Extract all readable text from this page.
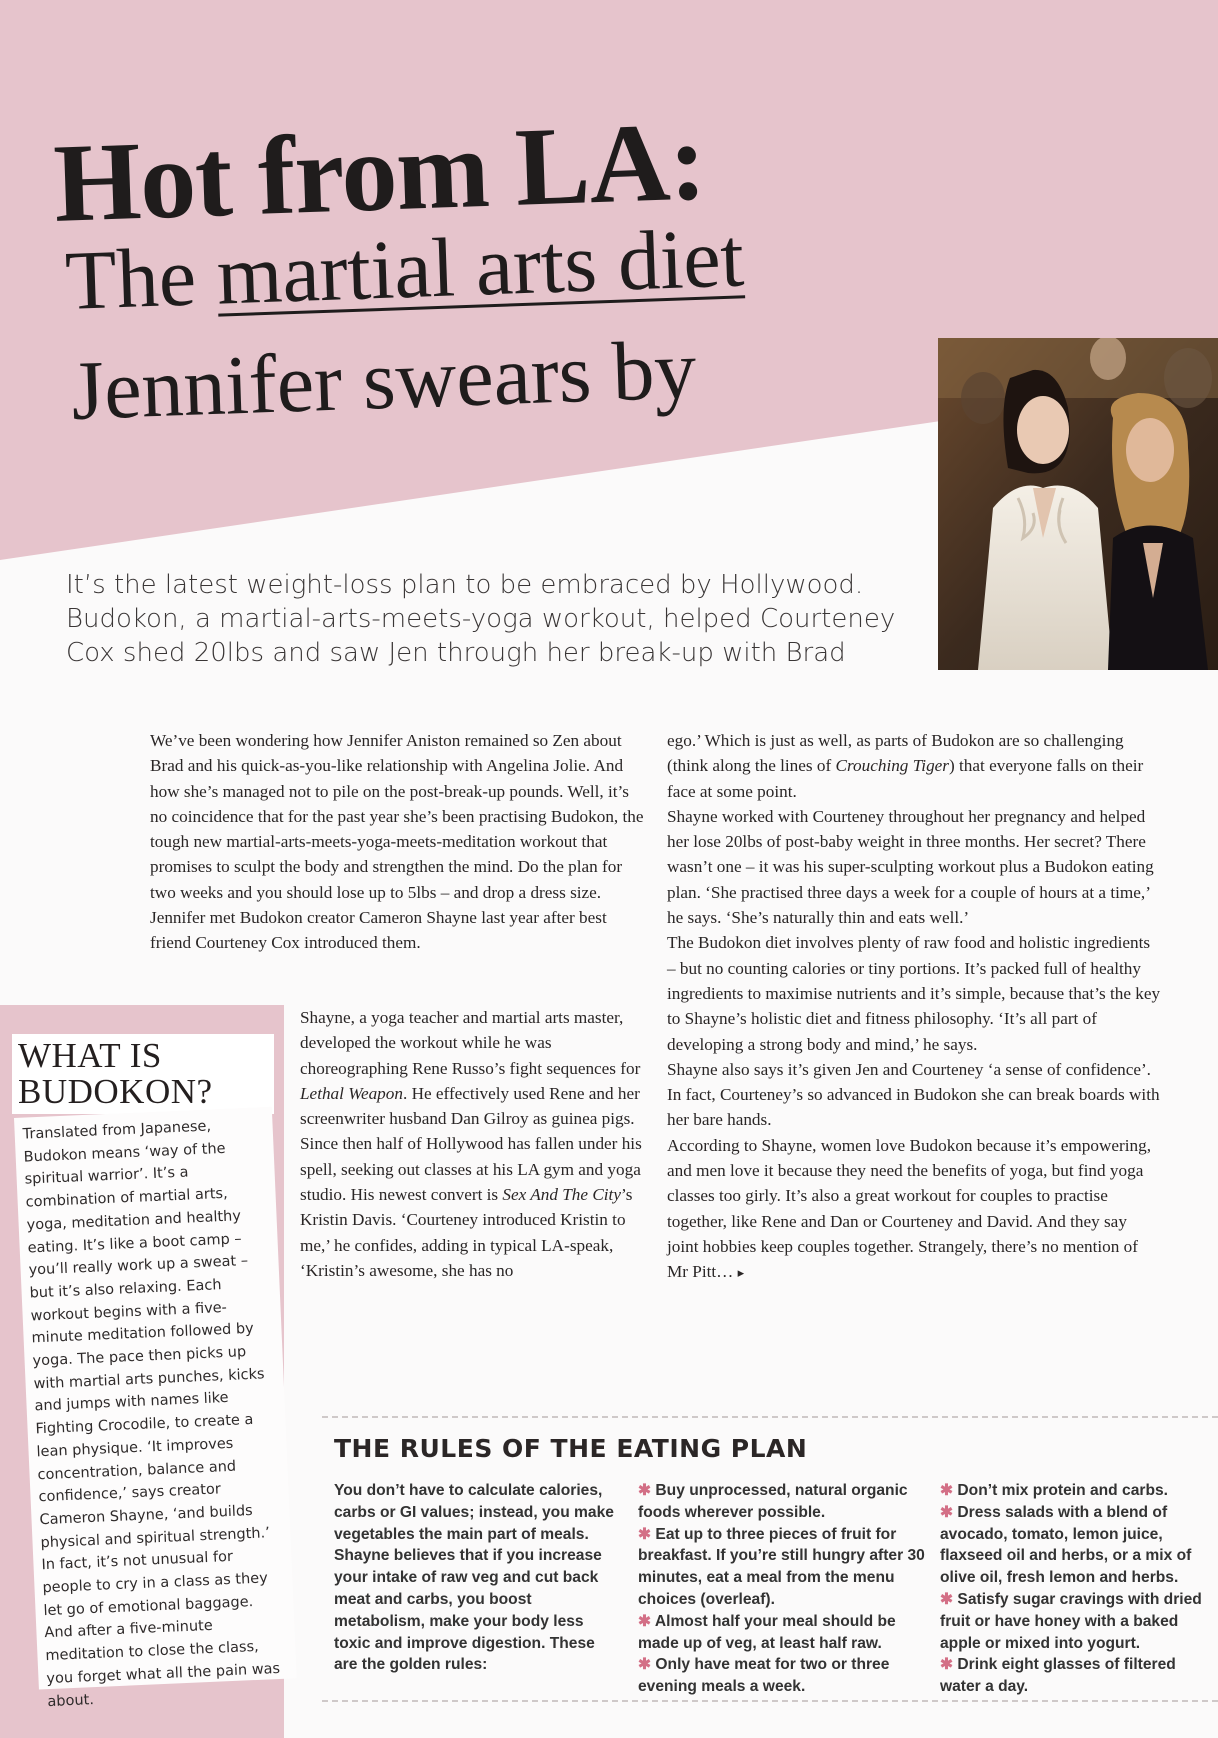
Hot from LA:
The martial arts diet
Jennifer swears by
It’s the latest weight-loss plan to be embraced by Hollywood.
Budokon, a martial-arts-meets-yoga workout, helped Courteney
Cox shed 20lbs and saw Jen through her break-up with Brad

We’ve been wondering how Jennifer Aniston remained so Zen about Brad and his quick-as-you-like relationship with Angelina Jolie. And how she’s managed not to pile on the post-break-up pounds. Well, it’s no coincidence that for the past year she’s been practising Budokon, the tough new martial-arts-meets-yoga-meets-meditation workout that promises to sculpt the body and strengthen the mind. Do the plan for two weeks and you should lose up to 5lbs – and drop a dress size. Jennifer met Budokon creator Cameron Shayne last year after best friend Courteney Cox introduced them.

Shayne, a yoga teacher and martial arts master, developed the workout while he was choreographing Rene Russo’s fight sequences for Lethal Weapon. He effectively used Rene and her screenwriter husband Dan Gilroy as guinea pigs. Since then half of Hollywood has fallen under his spell, seeking out classes at his LA gym and yoga studio. His newest convert is Sex And The City’s Kristin Davis. ‘Courteney introduced Kristin to me,’ he confides, adding in typical LA-speak, ‘Kristin’s awesome, she has no

ego.’ Which is just as well, as parts of Budokon are so challenging (think along the lines of Crouching Tiger) that everyone falls on their face at some point.

Shayne worked with Courteney throughout her pregnancy and helped her lose 20lbs of post-baby weight in three months. Her secret? There wasn’t one – it was his super-sculpting workout plus a Budokon eating plan. ‘She practised three days a week for a couple of hours at a time,’ he says. ‘She’s naturally thin and eats well.’

The Budokon diet involves plenty of raw food and holistic ingredients – but no counting calories or tiny portions. It’s packed full of healthy ingredients to maximise nutrients and it’s simple, because that’s the key to Shayne’s holistic diet and fitness philosophy. ‘It’s all part of developing a strong body and mind,’ he says.

Shayne also says it’s given Jen and Courteney ‘a sense of confidence’. In fact, Courteney’s so advanced in Budokon she can break boards with her bare hands.

According to Shayne, women love Budokon because it’s empowering, and men love it because they need the benefits of yoga, but find yoga classes too girly. It’s also a great workout for couples to practise together, like Rene and Dan or Courteney and David. And they say joint hobbies keep couples together. Strangely, there’s no mention of Mr Pitt… ▸

WHAT IS
BUDOKON?

Translated from Japanese, Budokon means ‘way of the spiritual warrior’. It’s a combination of martial arts, yoga, meditation and healthy eating. It’s like a boot camp – you’ll really work up a sweat – but it’s also relaxing. Each workout begins with a five-minute meditation followed by yoga. The pace then picks up with martial arts punches, kicks and jumps with names like Fighting Crocodile, to create a lean physique. ‘It improves concentration, balance and confidence,’ says creator Cameron Shayne, ‘and builds physical and spiritual strength.’ In fact, it’s not unusual for people to cry in a class as they let go of emotional baggage. And after a five-minute meditation to close the class, you forget what all the pain was about.

THE RULES OF THE EATING PLAN

You don’t have to calculate calories, carbs or GI values; instead, you make vegetables the main part of meals. Shayne believes that if you increase your intake of raw veg and cut back meat and carbs, you boost metabolism, make your body less toxic and improve digestion. These are the golden rules:

✱ Buy unprocessed, natural organic foods wherever possible.

✱ Eat up to three pieces of fruit for breakfast. If you’re still hungry after 30 minutes, eat a meal from the menu choices (overleaf).

✱ Almost half your meal should be made up of veg, at least half raw.

✱ Only have meat for two or three evening meals a week.

✱ Don’t mix protein and carbs.

✱ Dress salads with a blend of avocado, tomato, lemon juice, flaxseed oil and herbs, or a mix of olive oil, fresh lemon and herbs.

✱ Satisfy sugar cravings with dried fruit or have honey with a baked apple or mixed into yogurt.

✱ Drink eight glasses of filtered water a day.
